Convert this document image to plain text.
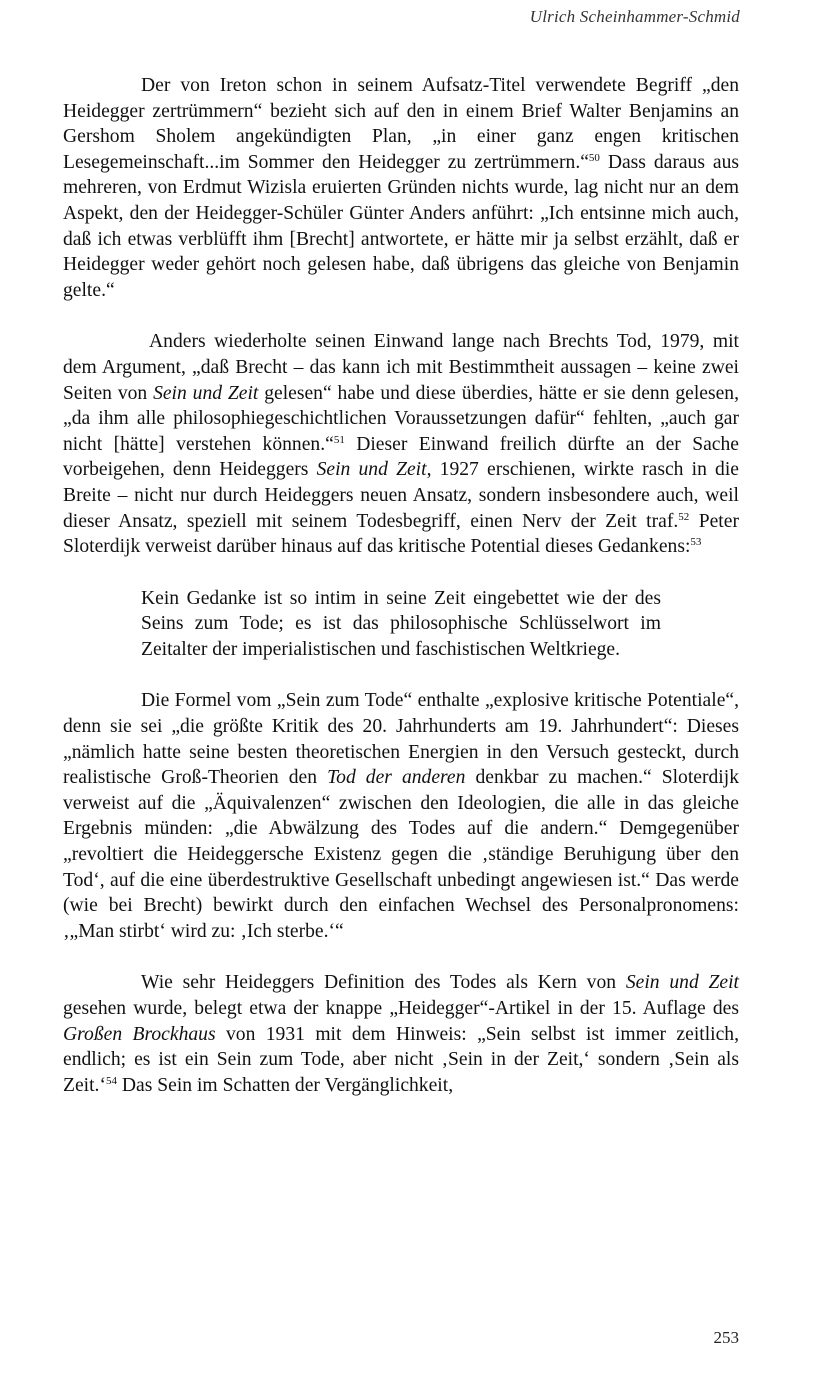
Ulrich Scheinhammer-Schmid

Der von Ireton schon in seinem Aufsatz-Titel verwendete Begriff „den Heidegger zertrümmern“ bezieht sich auf den in einem Brief Walter Benjamins an Gershom Sholem angekündigten Plan, „in einer ganz engen kritischen Lesegemeinschaft...im Sommer den Heidegger zu zertrümmern.“$^{50}$ Dass daraus aus mehreren, von Erdmut Wizisla eruierten Gründen nichts wurde, lag nicht nur an dem Aspekt, den der Heidegger-Schüler Günter Anders anführt: „Ich entsinne mich auch, daß ich etwas verblüfft ihm [Brecht] antwortete, er hätte mir ja selbst erzählt, daß er Heidegger weder gehört noch gelesen habe, daß übrigens das gleiche von Benjamin gelte.“

Anders wiederholte seinen Einwand lange nach Brechts Tod, 1979, mit dem Argument, „daß Brecht – das kann ich mit Bestimmtheit aussagen – keine zwei Seiten von Sein und Zeit gelesen“ habe und diese überdies, hätte er sie denn gelesen, „da ihm alle philosophiegeschichtlichen Voraussetzungen dafür“ fehlten, „auch gar nicht [hätte] verstehen können.“$^{51}$ Dieser Einwand freilich dürfte an der Sache vorbeigehen, denn Heideggers Sein und Zeit, 1927 erschienen, wirkte rasch in die Breite – nicht nur durch Heideggers neuen Ansatz, sondern insbesondere auch, weil dieser Ansatz, speziell mit seinem Todesbegriff, einen Nerv der Zeit traf.$^{52}$ Peter Sloterdijk verweist darüber hinaus auf das kritische Potential dieses Gedankens:$^{53}$

Kein Gedanke ist so intim in seine Zeit eingebettet wie der des Seins zum Tode; es ist das philosophische Schlüsselwort im Zeitalter der imperialistischen und faschistischen Weltkriege.

Die Formel vom „Sein zum Tode“ enthalte „explosive kritische Potentiale“, denn sie sei „die größte Kritik des 20. Jahrhunderts am 19. Jahrhundert“: Dieses „nämlich hatte seine besten theoretischen Energien in den Versuch gesteckt, durch realistische Groß-Theorien den Tod der anderen denkbar zu machen.“ Sloterdijk verweist auf die „Äquivalenzen“ zwischen den Ideologien, die alle in das gleiche Ergebnis münden: „die Abwälzung des Todes auf die andern.“ Demgegenüber „revoltiert die Heideggersche Existenz gegen die ‚ständige Beruhigung über den Tod‘, auf die eine überdestruktive Gesellschaft unbedingt angewiesen ist.“ Das werde (wie bei Brecht) bewirkt durch den einfachen Wechsel des Personalpronomens: ‚„Man stirbt‘ wird zu: ‚Ich sterbe.‘“

Wie sehr Heideggers Definition des Todes als Kern von Sein und Zeit gesehen wurde, belegt etwa der knappe „Heidegger“-Artikel in der 15. Auflage des Großen Brockhaus von 1931 mit dem Hinweis: „Sein selbst ist immer zeitlich, endlich; es ist ein Sein zum Tode, aber nicht ‚Sein in der Zeit,‘ sondern ‚Sein als Zeit.‘$^{54}$ Das Sein im Schatten der Vergänglichkeit,

253
